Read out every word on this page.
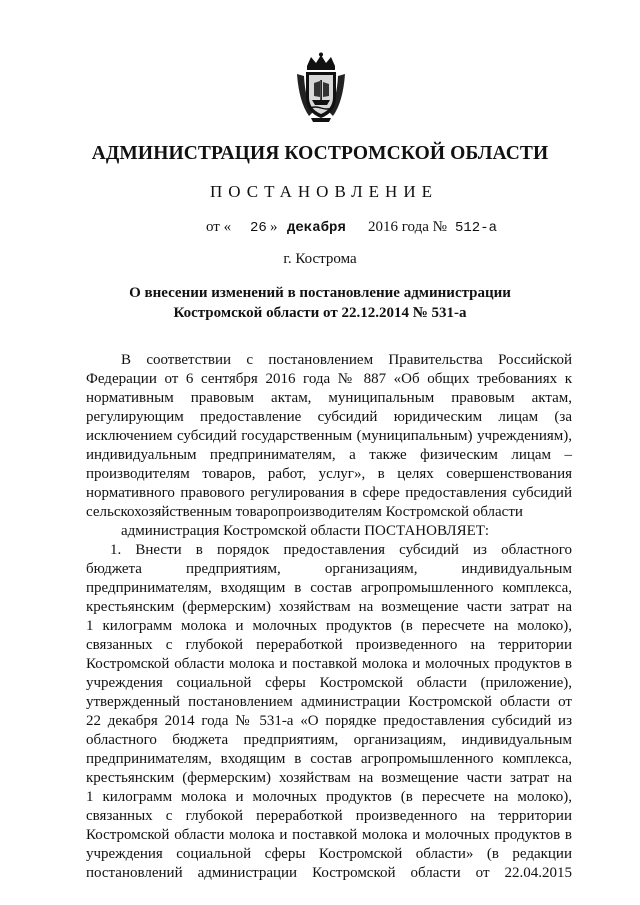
АДМИНИСТРАЦИЯ КОСТРОМСКОЙ ОБЛАСТИ
ПОСТАНОВЛЕНИЕ
от « 26 » декабря 2016 года № 512-а
г. Кострома
О внесении изменений в постановление администрации
Костромской области от 22.12.2014 № 531-а
В соответствии с постановлением Правительства Российской
Федерации от 6 сентября 2016 года № 887 «Об общих требованиях к
нормативным правовым актам, муниципальным правовым актам,
регулирующим предоставление субсидий юридическим лицам (за
исключением субсидий государственным (муниципальным) учреждениям),
индивидуальным предпринимателям, а также физическим лицам –
производителям товаров, работ, услуг», в целях совершенствования
нормативного правового регулирования в сфере предоставления субсидий
сельскохозяйственным товаропроизводителям Костромской области
администрация Костромской области ПОСТАНОВЛЯЕТ:
1. Внести в порядок предоставления субсидий из областного
бюджета предприятиям, организациям, индивидуальным
предпринимателям, входящим в состав агропромышленного комплекса,
крестьянским (фермерским) хозяйствам на возмещение части затрат на
1 килограмм молока и молочных продуктов (в пересчете на молоко),
связанных с глубокой переработкой произведенного на территории
Костромской области молока и поставкой молока и молочных продуктов в
учреждения социальной сферы Костромской области (приложение),
утвержденный постановлением администрации Костромской области от
22 декабря 2014 года № 531-а «О порядке предоставления субсидий из
областного бюджета предприятиям, организациям, индивидуальным
предпринимателям, входящим в состав агропромышленного комплекса,
крестьянским (фермерским) хозяйствам на возмещение части затрат на
1 килограмм молока и молочных продуктов (в пересчете на молоко),
связанных с глубокой переработкой произведенного на территории
Костромской области молока и поставкой молока и молочных продуктов в
учреждения социальной сферы Костромской области» (в редакции
постановлений администрации Костромской области от 22.04.2015
